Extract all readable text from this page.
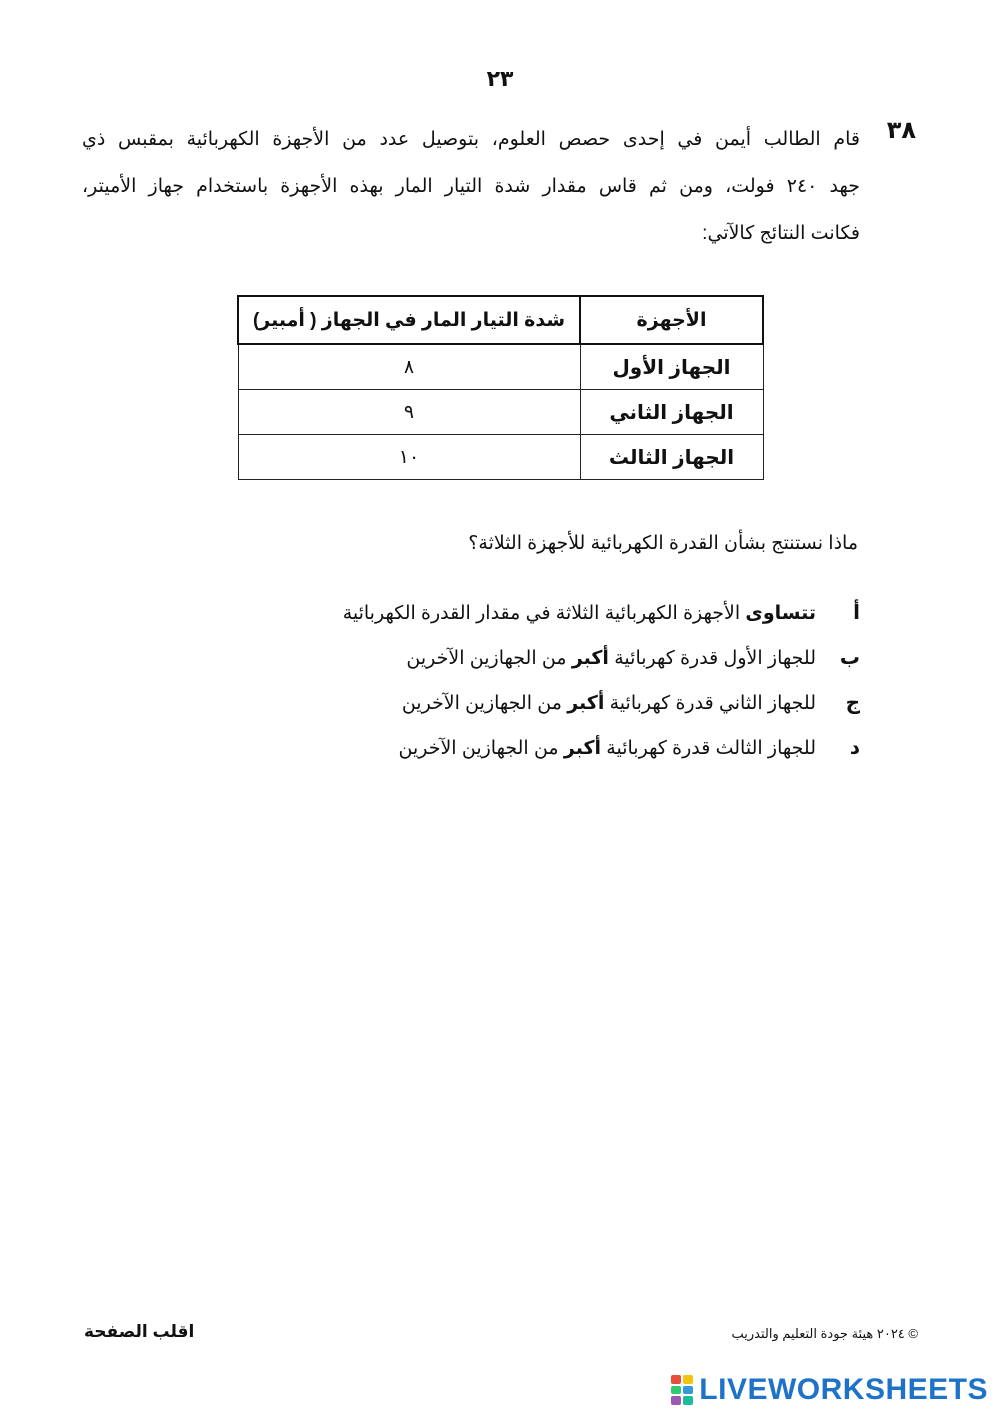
٢٣
٣٨
قام الطالب أيمن في إحدى حصص العلوم، بتوصيل عدد من الأجهزة الكهربائية بمقبس ذي
جهد ٢٤٠ فولت، ومن ثم قاس مقدار شدة التيار المار بهذه الأجهزة باستخدام جهاز الأميتر،
فكانت النتائج كالآتي:
الأجهزة	شدة التيار المار في الجهاز ( أمبير)
الجهاز الأول	٨
الجهاز الثاني	٩
الجهاز الثالث	١٠
ماذا نستنتج بشأن القدرة الكهربائية للأجهزة الثلاثة؟
أتتساوى الأجهزة الكهربائية الثلاثة في مقدار القدرة الكهربائية
بللجهاز الأول قدرة كهربائية أكبر من الجهازين الآخرين
جللجهاز الثاني قدرة كهربائية أكبر من الجهازين الآخرين
دللجهاز الثالث قدرة كهربائية أكبر من الجهازين الآخرين
اقلب الصفحة	© ٢٠٢٤ هيئة جودة التعليم والتدريب
LIVEWORKSHEETS
